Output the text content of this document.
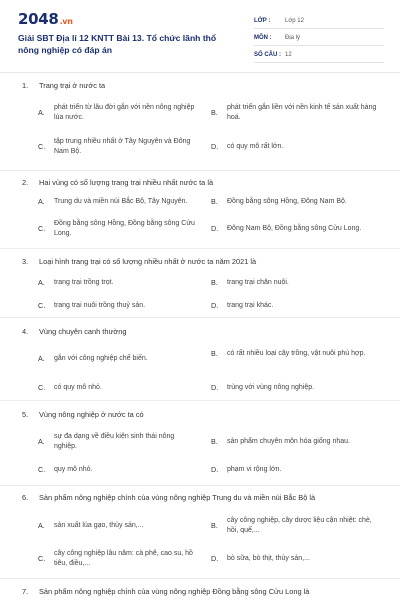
2048.vn
Giải SBT Địa lí 12 KNTT Bài 13. Tổ chức lãnh thổ nông nghiệp có đáp án
LỚP :	Lớp 12
MÔN :	Địa lý
SỐ CÂU : 12
1. Trang trại ở nước ta
A.
phát triển từ lâu đời gắn với nền nông nghiệp lúa nước.
B.
phát triển gắn liền với nền kinh tế sản xuất hàng hoá.
C.
tập trung nhiều nhất ở Tây Nguyên và Đông Nam Bộ.
D.	có quy mô rất lớn.
2. Hai vùng có số lượng trang trại nhiều nhất nước ta là
A.	Trung du và miền núi Bắc Bộ, Tây Nguyên.	B.	Đồng bằng sông Hồng, Đông Nam Bộ.
C.
Đồng bằng sông Hồng, Đồng bằng sông Cửu Long.
D.	Đông Nam Bộ, Đồng bằng sông Cửu Long.
3. Loại hình trang trại có số lượng nhiều nhất ở nước ta năm 2021 là
A.	trang trại trồng trọt.	B.	trang trại chăn nuôi.
C.	trang trại nuôi trồng thuỷ sản.	D.	trang trại khác.
4. Vùng chuyên canh thường
A.	gắn với công nghiệp chế biến.
B.	có rất nhiều loại cây trồng, vật nuôi phù hợp.
C.	có quy mô nhỏ.	D.	trùng với vùng nông nghiệp.
5. Vùng nông nghiệp ở nước ta có
A.
sự đa dạng về điều kiện sinh thái nông nghiệp.
B.	sản phẩm chuyên môn hóa giống nhau.
C.	quy mô nhỏ.	D.	phạm vi rộng lớn.
6. Sản phẩm nông nghiệp chính của vùng nông nghiệp Trung du và miền núi Bắc Bộ là
A.	sản xuất lúa gạo, thủy sản,...	B.
cây công nghiệp, cây dược liệu cận nhiệt: chè, hồi, quế,...
C.
cây công nghiệp lâu năm: cà phê, cao su, hồ tiêu, điều,...
D.	bò sữa, bò thịt, thủy sản,...
7. Sản phẩm nông nghiệp chính của vùng nông nghiệp Đồng bằng sông Cửu Long là
